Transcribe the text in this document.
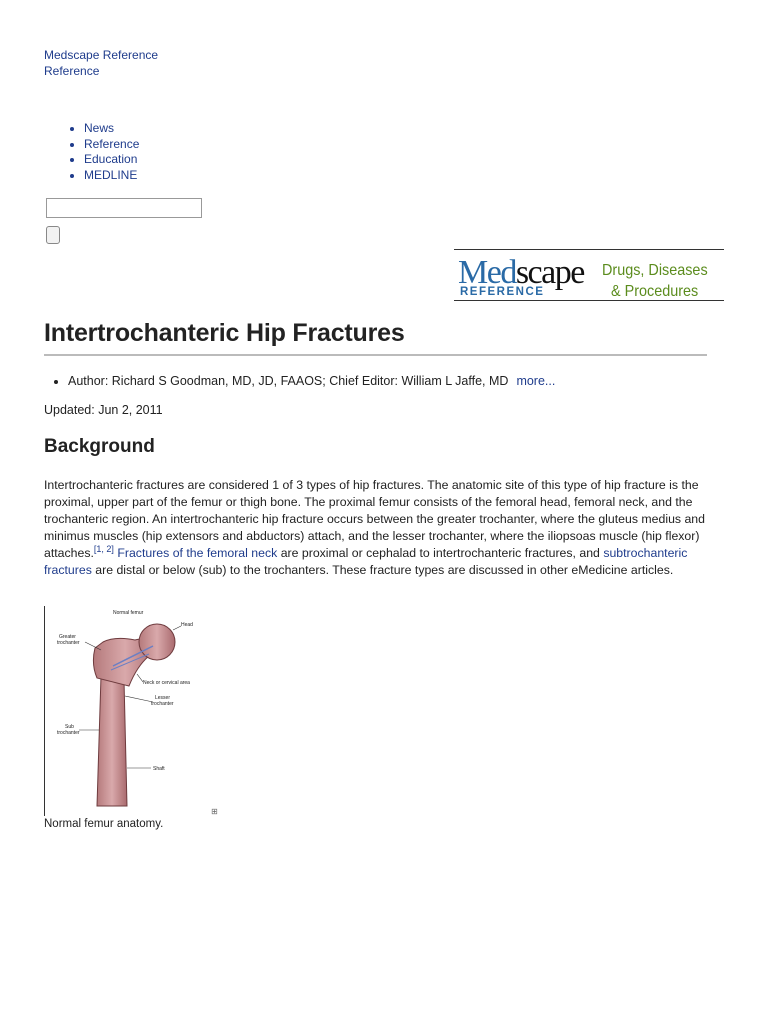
Medscape Reference
Reference
• News
• Reference
• Education
• MEDLINE
Medscape
REFERENCE
Drugs, Diseases
& Procedures
Intertrochanteric Hip Fractures
• Author: Richard S Goodman, MD, JD, FAAOS; Chief Editor: William L Jaffe, MD more...
Updated: Jun 2, 2011
Background

Intertrochanteric fractures are considered 1 of 3 types of hip fractures. The anatomic site of this type of hip fracture is the proximal, upper part of the femur or thigh bone. The proximal femur consists of the femoral head, femoral neck, and the trochanteric region. An intertrochanteric hip fracture occurs between the greater trochanter, where the gluteus medius and minimus muscles (hip extensors and abductors) attach, and the lesser trochanter, where the iliopsoas muscle (hip flexor) attaches.[1, 2] Fractures of the femoral neck are proximal or cephalad to intertrochanteric fractures, and subtrochanteric fractures are distal or below (sub) to the trochanters. These fracture types are discussed in other eMedicine articles.

Normal femur
Head
Greater
trochanter
Neck or cervical area
Lesser
trochanter
Sub
trochanter
Shaft
⊞
Normal femur anatomy.
